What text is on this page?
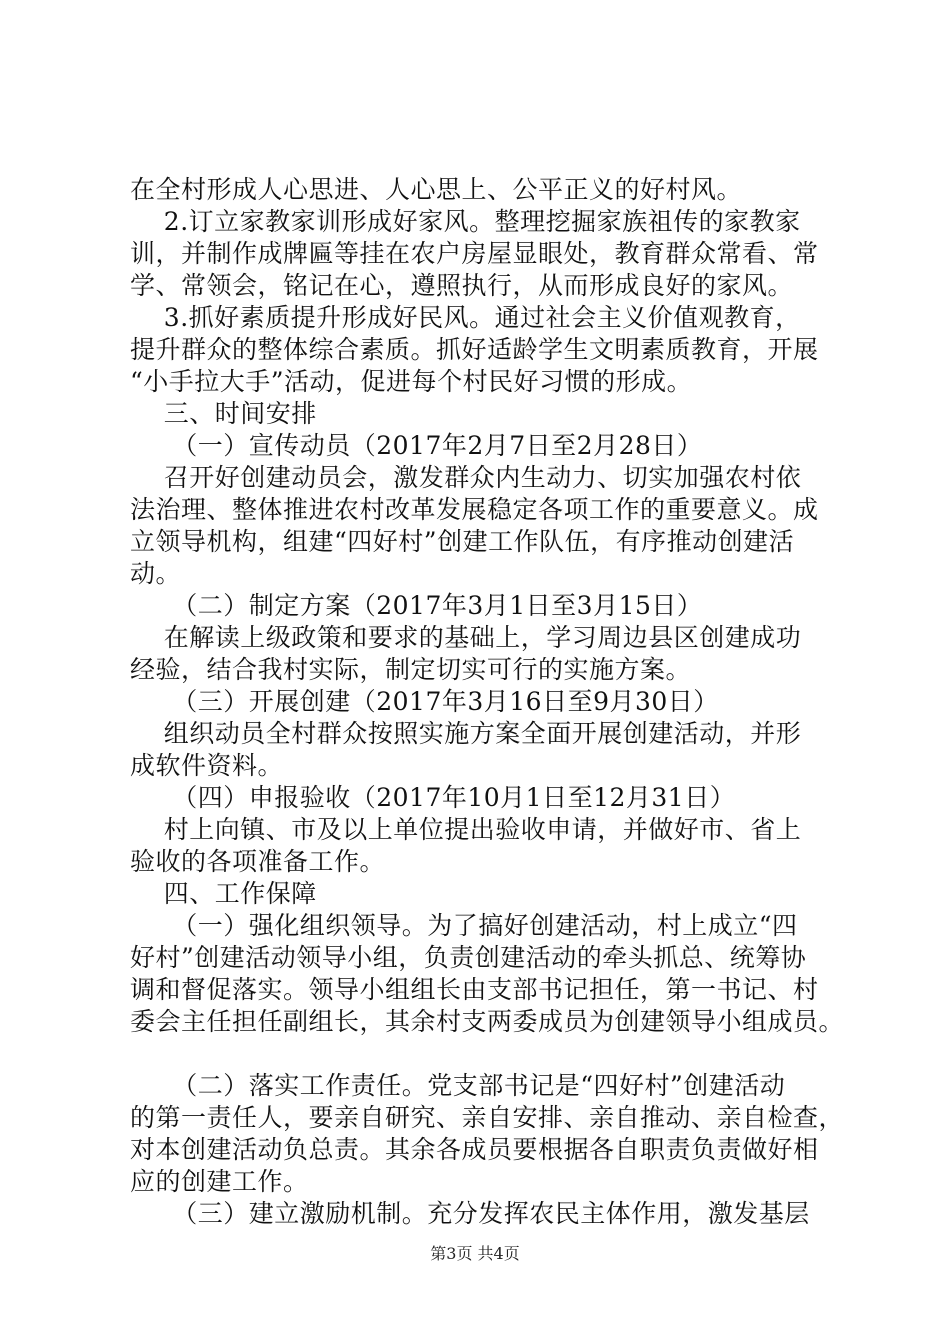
在全村形成人心思进、人心思上、公平正义的好村风。
2.订立家教家训形成好家风。整理挖掘家族祖传的家教家
训，并制作成牌匾等挂在农户房屋显眼处，教育群众常看、常
学、常领会，铭记在心，遵照执行，从而形成良好的家风。
3.抓好素质提升形成好民风。通过社会主义价值观教育，
提升群众的整体综合素质。抓好适龄学生文明素质教育，开展
“小手拉大手”活动，促进每个村民好习惯的形成。
三、时间安排
（一）宣传动员（2017年2月7日至2月28日）
召开好创建动员会，激发群众内生动力、切实加强农村依
法治理、整体推进农村改革发展稳定各项工作的重要意义。成
立领导机构，组建“四好村”创建工作队伍，有序推动创建活
动。
（二）制定方案（2017年3月1日至3月15日）
在解读上级政策和要求的基础上，学习周边县区创建成功
经验，结合我村实际，制定切实可行的实施方案。
（三）开展创建（2017年3月16日至9月30日）
组织动员全村群众按照实施方案全面开展创建活动，并形
成软件资料。
（四）申报验收（2017年10月1日至12月31日）
村上向镇、市及以上单位提出验收申请，并做好市、省上
验收的各项准备工作。
四、工作保障
（一）强化组织领导。为了搞好创建活动，村上成立“四
好村”创建活动领导小组，负责创建活动的牵头抓总、统筹协
调和督促落实。领导小组组长由支部书记担任，第一书记、村
委会主任担任副组长，其余村支两委成员为创建领导小组成员。
（二）落实工作责任。党支部书记是“四好村”创建活动
的第一责任人，要亲自研究、亲自安排、亲自推动、亲自检查，
对本创建活动负总责。其余各成员要根据各自职责负责做好相
应的创建工作。
（三）建立激励机制。充分发挥农民主体作用，激发基层
第3页 共4页
